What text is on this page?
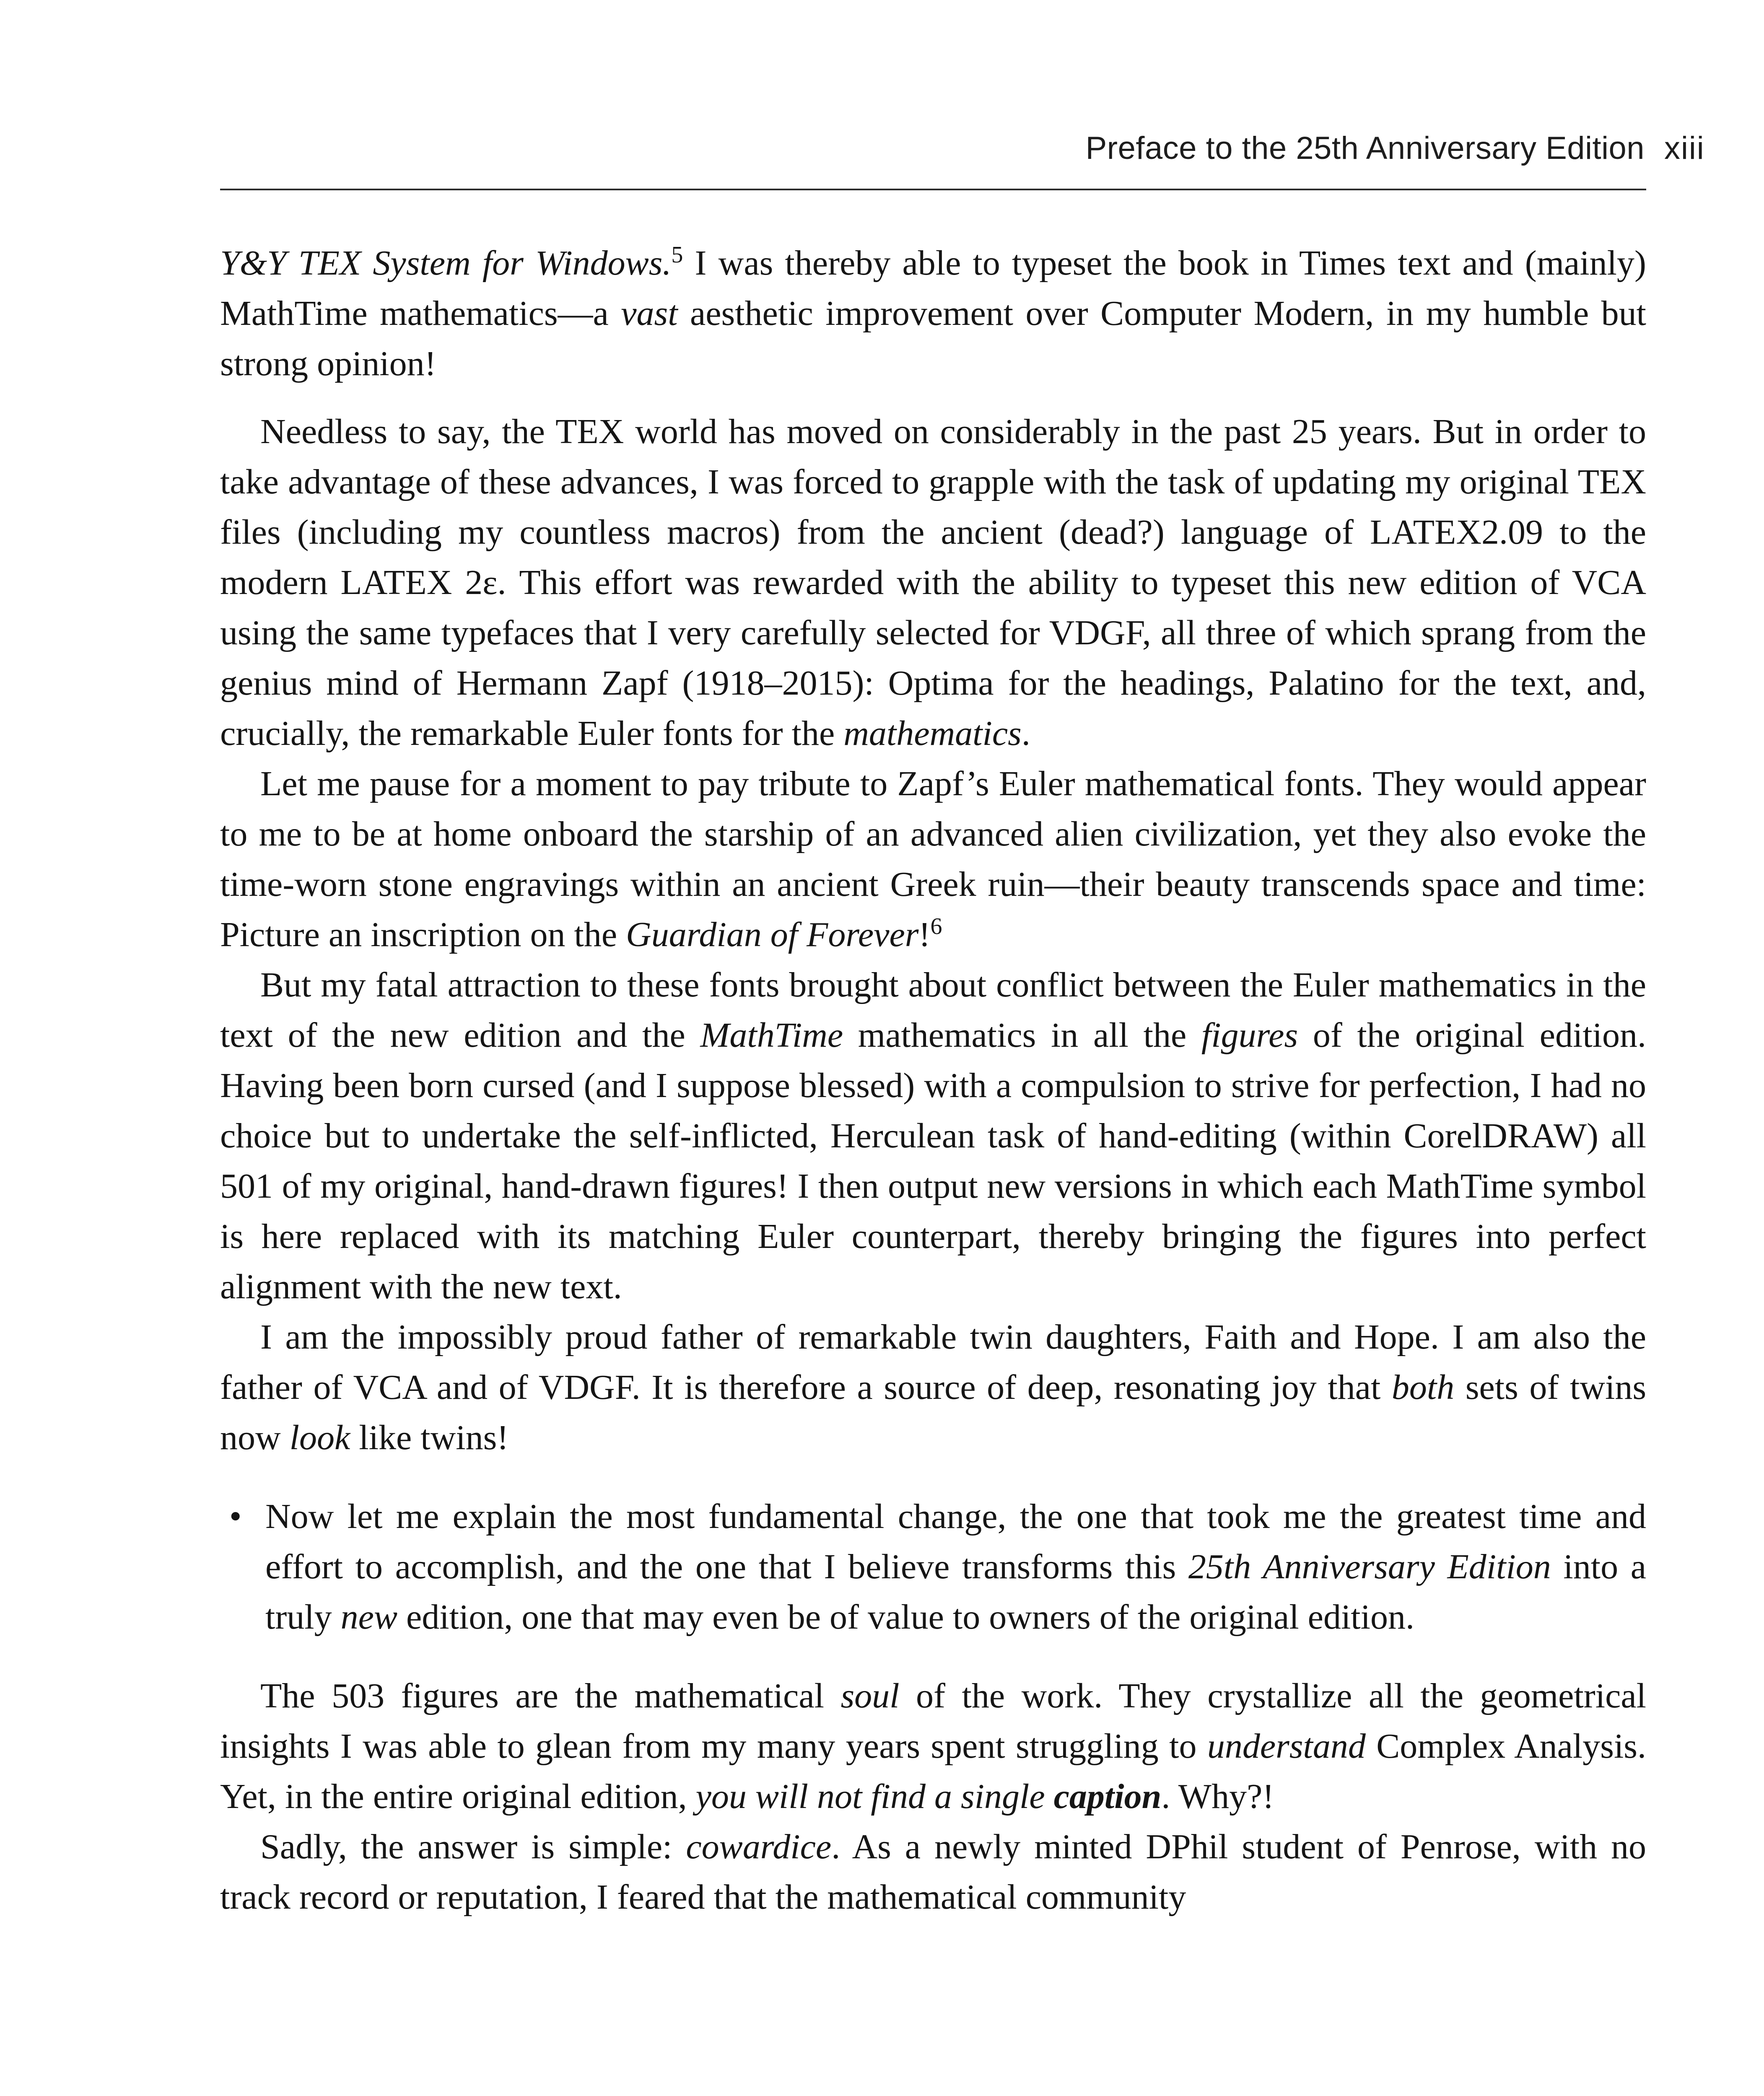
Preface to the 25th Anniversary Edition xiii

Y&Y TEX System for Windows.$^5$ I was thereby able to typeset the book in Times text and (mainly) MathTime mathematics—a vast aesthetic improvement over Computer Modern, in my humble but strong opinion!

Needless to say, the TEX world has moved on considerably in the past 25 years. But in order to take advantage of these advances, I was forced to grapple with the task of updating my original TEX files (including my countless macros) from the ancient (dead?) language of LATEX2.09 to the modern LATEX 2ε. This effort was rewarded with the ability to typeset this new edition of VCA using the same typefaces that I very carefully selected for VDGF, all three of which sprang from the genius mind of Hermann Zapf (1918–2015): Optima for the headings, Palatino for the text, and, crucially, the remarkable Euler fonts for the mathematics.

Let me pause for a moment to pay tribute to Zapf’s Euler mathematical fonts. They would appear to me to be at home onboard the starship of an advanced alien civilization, yet they also evoke the time-worn stone engravings within an ancient Greek ruin—their beauty transcends space and time: Picture an inscription on the Guardian of Forever!$^6$

But my fatal attraction to these fonts brought about conflict between the Euler mathematics in the text of the new edition and the MathTime mathematics in all the figures of the original edition. Having been born cursed (and I suppose blessed) with a compulsion to strive for perfection, I had no choice but to undertake the self-inflicted, Herculean task of hand-editing (within CorelDRAW) all 501 of my original, hand-drawn figures! I then output new versions in which each MathTime symbol is here replaced with its matching Euler counterpart, thereby bringing the figures into perfect alignment with the new text.

I am the impossibly proud father of remarkable twin daughters, Faith and Hope. I am also the father of VCA and of VDGF. It is therefore a source of deep, resonating joy that both sets of twins now look like twins!

• Now let me explain the most fundamental change, the one that took me the greatest time and effort to accomplish, and the one that I believe transforms this 25th Anniversary Edition into a truly new edition, one that may even be of value to owners of the original edition.

The 503 figures are the mathematical soul of the work. They crystallize all the geometrical insights I was able to glean from my many years spent struggling to understand Complex Analysis. Yet, in the entire original edition, you will not find a single caption. Why?!

Sadly, the answer is simple: cowardice. As a newly minted DPhil student of Penrose, with no track record or reputation, I feared that the mathematical community
